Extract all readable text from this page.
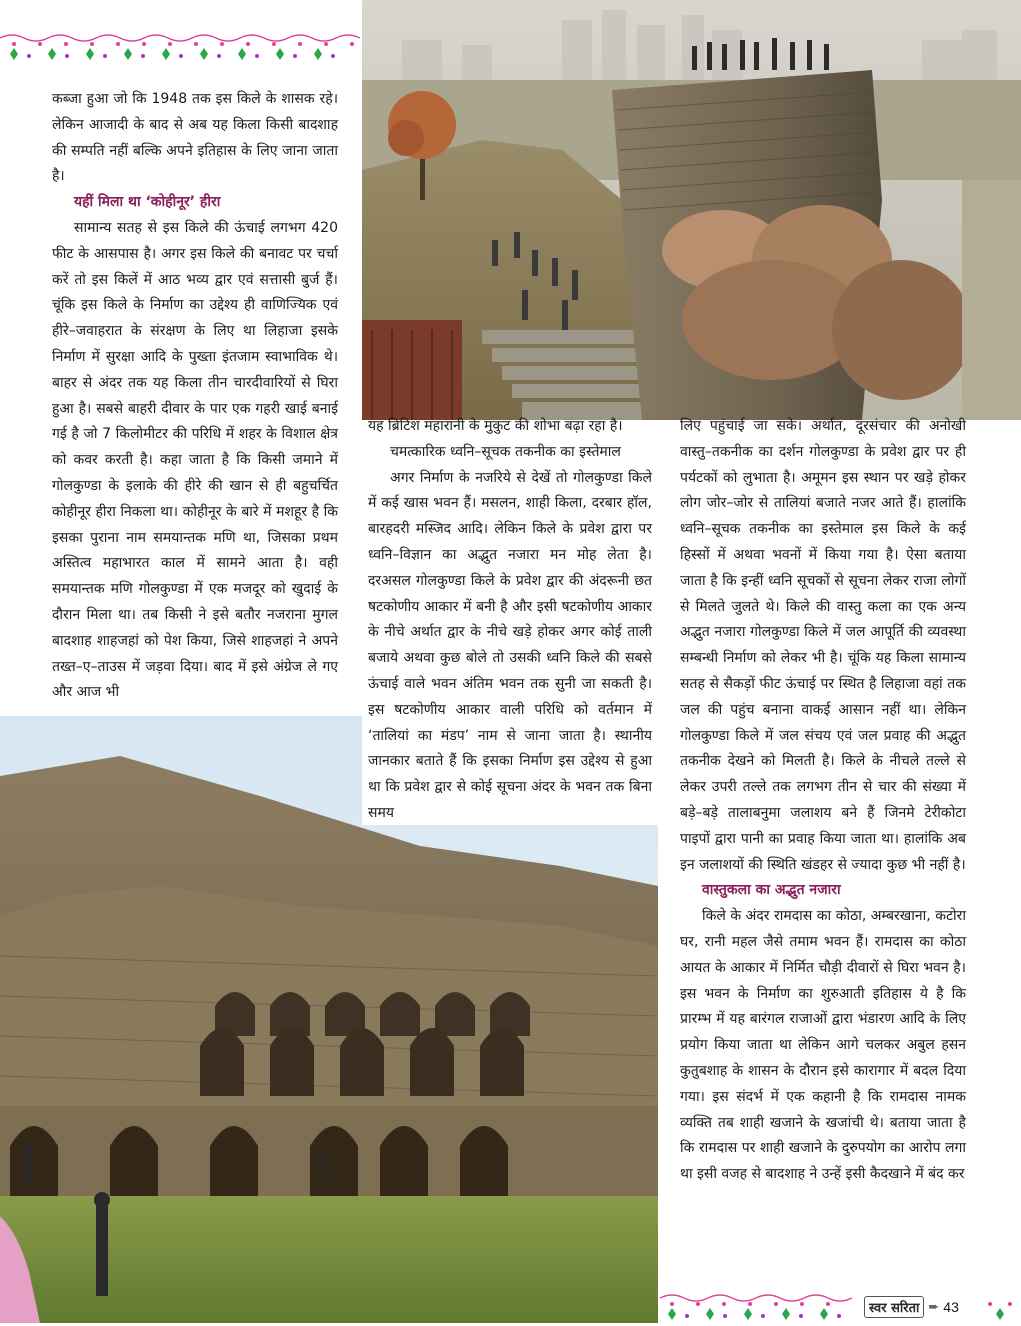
कब्जा हुआ जो कि 1948 तक इस किले के शासक रहे। लेकिन आजादी के बाद से अब यह किला किसी बादशाह की सम्पति नहीं बल्कि अपने इतिहास के लिए जाना जाता है।

यहीं मिला था ‘कोहीनूर’ हीरा

सामान्य सतह से इस किले की ऊंचाई लगभग 420 फीट के आसपास है। अगर इस किले की बनावट पर चर्चा करें तो इस किलें में आठ भव्य द्वार एवं सत्तासी बुर्ज हैं। चूंकि इस किले के निर्माण का उद्देश्य ही वाणिज्यिक एवं हीरे–जवाहरात के संरक्षण के लिए था लिहाजा इसके निर्माण में सुरक्षा आदि के पुख्ता इंतजाम स्वाभाविक थे। बाहर से अंदर तक यह किला तीन चारदीवारियों से घिरा हुआ है। सबसे बाहरी दीवार के पार एक गहरी खाई बनाई गई है जो 7 किलोमीटर की परिधि में शहर के विशाल क्षेत्र को कवर करती है। कहा जाता है कि किसी जमाने में गोलकुण्डा के इलाके की हीरे की खान से ही बहुचर्चित कोहीनूर हीरा निकला था। कोहीनूर के बारे में मशहूर है कि इसका पुराना नाम समयान्तक मणि था, जिसका प्रथम अस्तित्व महाभारत काल में सामने आता है। वही समयान्तक मणि गोलकुण्डा में एक मजदूर को खुदाई के दौरान मिला था। तब किसी ने इसे बतौर नजराना मुगल बादशाह शाहजहां को पेश किया, जिसे शाहजहां ने अपने तख्त–ए–ताउस में जड़वा दिया। बाद में इसे अंग्रेज ले गए और आज भी

यह ब्रिटिश महारानी के मुकुट की शोभा बढ़ा रहा है।

चमत्कारिक ध्वनि–सूचक तकनीक का इस्तेमाल

अगर निर्माण के नजरिये से देखें तो गोलकुण्डा किले में कई खास भवन हैं। मसलन, शाही किला, दरबार हॉल, बारहदरी मस्जिद आदि। लेकिन किले के प्रवेश द्वारा पर ध्वनि–विज्ञान का अद्भुत नजारा मन मोह लेता है। दरअसल गोलकुण्डा किले के प्रवेश द्वार की अंदरूनी छत षटकोणीय आकार में बनी है और इसी षटकोणीय आकार के नीचे अर्थात द्वार के नीचे खड़े होकर अगर कोई ताली बजाये अथवा कुछ बोले तो उसकी ध्वनि किले की सबसे ऊंचाई वाले भवन अंतिम भवन तक सुनी जा सकती है। इस षटकोणीय आकार वाली परिधि को वर्तमान में ‘तालियां का मंडप’ नाम से जाना जाता है। स्थानीय जानकार बताते हैं कि इसका निर्माण इस उद्देश्य से हुआ था कि प्रवेश द्वार से कोई सूचना अंदर के भवन तक बिना समय

लिए पहुंचाई जा सके। अर्थात, दूरसंचार की अनोखी वास्तु–तकनीक का दर्शन गोलकुण्डा के प्रवेश द्वार पर ही पर्यटकों को लुभाता है। अमूमन इस स्थान पर खड़े होकर लोग जोर–जोर से तालियां बजाते नजर आते हैं। हालांकि ध्वनि–सूचक तकनीक का इस्तेमाल इस किले के कई हिस्सों में अथवा भवनों में किया गया है। ऐसा बताया जाता है कि इन्हीं ध्वनि सूचकों से सूचना लेकर राजा लोगों से मिलते जुलते थे। किले की वास्तु कला का एक अन्य अद्भुत नजारा गोलकुण्डा किले में जल आपूर्ति की व्यवस्था सम्बन्धी निर्माण को लेकर भी है। चूंकि यह किला सामान्य सतह से सैकड़ों फीट ऊंचाई पर स्थित है लिहाजा वहां तक जल की पहुंच बनाना वाकई आसान नहीं था। लेकिन गोलकुण्डा किले में जल संचय एवं जल प्रवाह की अद्भुत तकनीक देखने को मिलती है। किले के नीचले तल्ले से लेकर उपरी तल्ले तक लगभग तीन से चार की संख्या में बड़े–बड़े तालाबनुमा जलाशय बने हैं जिनमे टेरीकोटा पाइपों द्वारा पानी का प्रवाह किया जाता था। हालांकि अब इन जलाशयों की स्थिति खंडहर से ज्यादा कुछ भी नहीं है।

वास्तुकला का अद्भुत नजारा

किले के अंदर रामदास का कोठा, अम्बरखाना, कटोरा घर, रानी महल जैसे तमाम भवन हैं। रामदास का कोठा आयत के आकार में निर्मित चौड़ी दीवारों से घिरा भवन है। इस भवन के निर्माण का शुरुआती इतिहास ये है कि प्रारम्भ में यह बारंगल राजाओं द्वारा भंडारण आदि के लिए प्रयोग किया जाता था लेकिन आगे चलकर अबुल हसन कुतुबशाह के शासन के दौरान इसे कारागार में बदल दिया गया। इस संदर्भ में एक कहानी है कि रामदास नामक व्यक्ति तब शाही खजाने के खजांची थे। बताया जाता है कि रामदास पर शाही खजाने के दुरुपयोग का आरोप लगा था इसी वजह से बादशाह ने उन्हें इसी कैदखाने में बंद कर

स्वर सरिता ➨ 43
